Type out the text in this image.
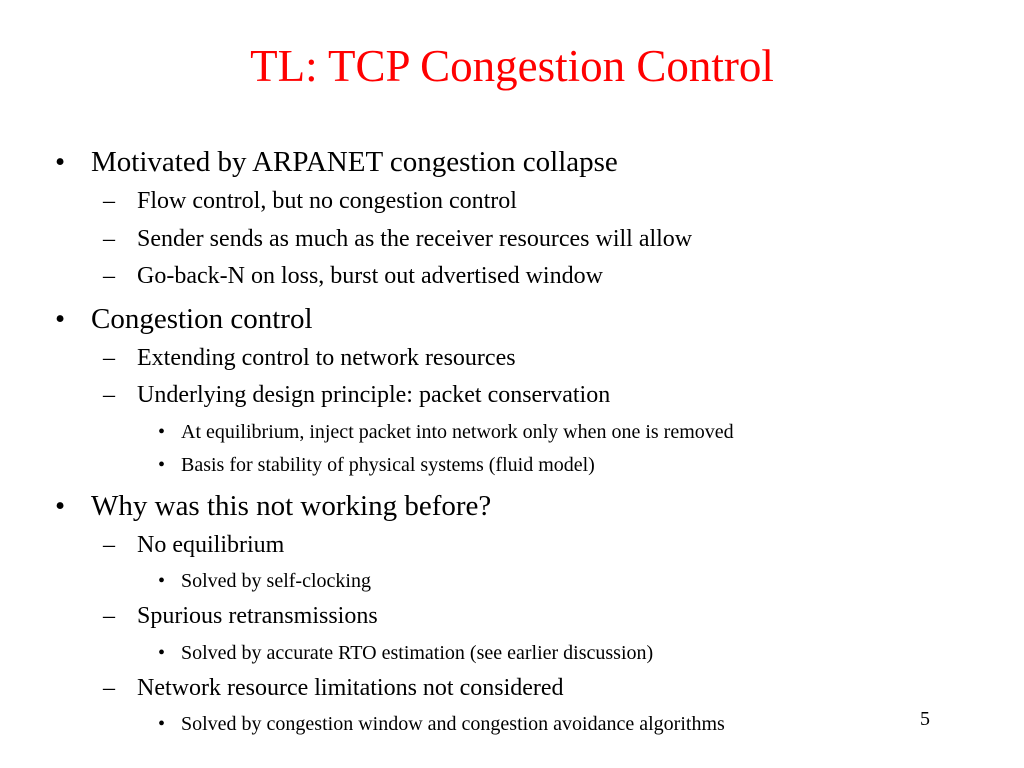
TL: TCP Congestion Control
• Motivated by ARPANET congestion collapse
– Flow control, but no congestion control
– Sender sends as much as the receiver resources will allow
– Go-back-N on loss, burst out advertised window
• Congestion control
– Extending control to network resources
– Underlying design principle: packet conservation
• At equilibrium, inject packet into network only when one is removed
• Basis for stability of physical systems (fluid model)
• Why was this not working before?
– No equilibrium
• Solved by self-clocking
– Spurious retransmissions
• Solved by accurate RTO estimation (see earlier discussion)
– Network resource limitations not considered
• Solved by congestion window and congestion avoidance algorithms	5
